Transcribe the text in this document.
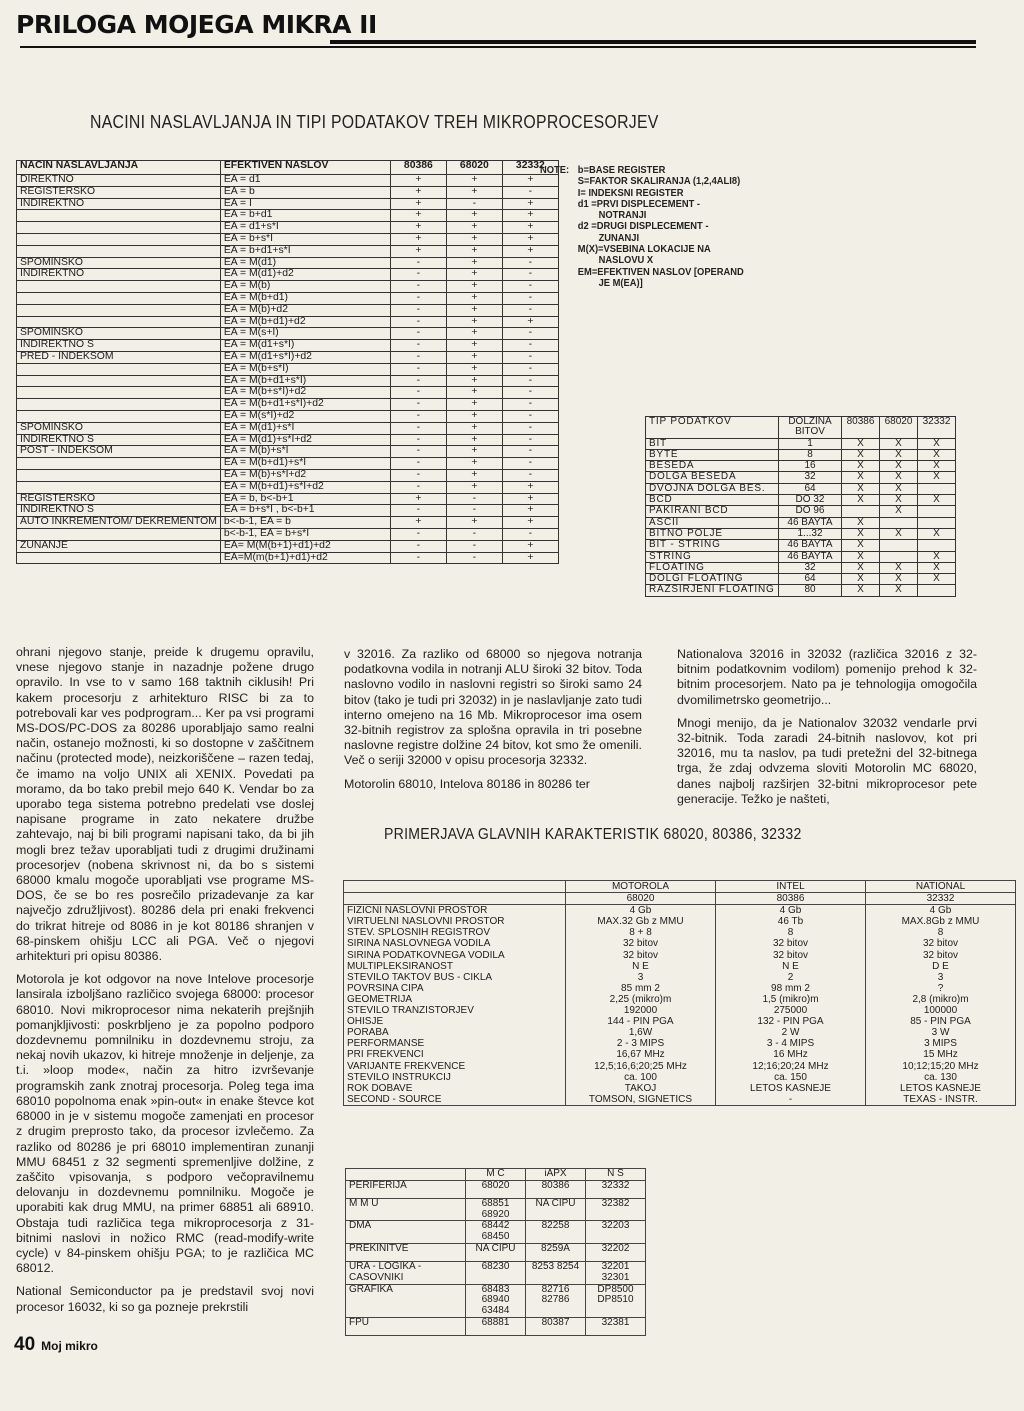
PRILOGA MOJEGA MIKRA II
NACINI NASLAVLJANJA IN TIPI PODATAKOV TREH MIKROPROCESORJEV
NACIN NASLAVLJANJA	EFEKTIVEN NASLOV	80386	68020	32332
DIREKTNO	EA = d1	+	+	+
REGISTERSKO	EA = b	+	+	-
INDIREKTNO	EA = I	+	-	+
	EA = b+d1	+	+	+
	EA = d1+s*I	+	+	+
	EA = b+s*I	+	+	+
	EA = b+d1+s*I	+	+	+
SPOMINSKO	EA = M(d1)	-	+	-
INDIREKTNO	EA = M(d1)+d2	-	+	-
	EA = M(b)	-	+	-
	EA = M(b+d1)	-	+	-
	EA = M(b)+d2	-	+	-
	EA = M(b+d1)+d2	-	+	+
SPOMINSKO	EA = M(s+I)	-	+	-
INDIREKTNO S	EA = M(d1+s*I)	-	+	-
PRED - INDEKSOM	EA = M(d1+s*I)+d2	-	+	-
	EA = M(b+s*I)	-	+	-
	EA = M(b+d1+s*I)	-	+	-
	EA = M(b+s*I)+d2	-	+	-
	EA = M(b+d1+s*I)+d2	-	+	-
	EA = M(s*I)+d2	-	+	-
SPOMINSKO	EA = M(d1)+s*I	-	+	-
INDIREKTNO S	EA = M(d1)+s*I+d2	-	+	-
POST - INDEKSOM	EA = M(b)+s*I	-	+	-
	EA = M(b+d1)+s*I	-	+	-
	EA = M(b)+s*I+d2	-	+	-
	EA = M(b+d1)+s*I+d2	-	+	+
REGISTERSKO	EA = b, b<-b+1	+	-	+
INDIREKTNO S	EA = b+s*I , b<-b+1	-	-	+
AUTO INKREMENTOM/ DEKREMENTOM	b<-b-1, EA = b	+	+	+
	b<-b-1, EA = b+s*I	-	-	-
ZUNANJE	EA= M(M(b+1)+d1)+d2	-	-	+
	EA=M(m(b+1)+d1)+d2	-	-	+
NOTE: b=BASE REGISTER
S=FAKTOR SKALIRANJA (1,2,4ALI8)
I= INDEKSNI REGISTER
d1 =PRVI DISPLECEMENT -
NOTRANJI
d2 =DRUGI DISPLECEMENT -
ZUNANJI
M(X)=VSEBINA LOKACIJE NA
NASLOVU X
EM=EFEKTIVEN NASLOV [OPERAND
JE M(EA)]
TIP PODATKOV	DOLZINA BITOV	80386	68020	32332
BIT	1	X	X	X
BYTE	8	X	X	X
BESEDA	16	X	X	X
DOLGA BESEDA	32	X	X	X
DVOJNA DOLGA BES.	64	X	X	
BCD	DO 32	X	X	X
PAKIRANI BCD	DO 96		X	
ASCII	46 BAYTA	X		
BITNO POLJE	1...32	X	X	X
BIT - STRING	46 BAYTA	X		
STRING	46 BAYTA	X		X
FLOATING	32	X	X	X
DOLGI FLOATING	64	X	X	X
RAZSIRJENI FLOATING	80	X	X	

ohrani njegovo stanje, preide k drugemu opravilu, vnese njegovo stanje in nazadnje požene drugo opravilo. In vse to v samo 168 taktnih ciklusih! Pri kakem procesorju z arhitekturo RISC bi za to potrebovali kar ves podprogram... Ker pa vsi programi MS-DOS/PC-DOS za 80286 uporabljajo samo realni način, ostanejo možnosti, ki so dostopne v zaščitnem načinu (protected mode), neizkoriščene – razen tedaj, če imamo na voljo UNIX ali XENIX. Povedati pa moramo, da bo tako prebil mejo 640 K. Vendar bo za uporabo tega sistema potrebno predelati vse doslej napisane programe in zato nekatere družbe zahtevajo, naj bi bili programi napisani tako, da bi jih mogli brez težav uporabljati tudi z drugimi družinami procesorjev (nobena skrivnost ni, da bo s sistemi 68000 kmalu mogoče uporabljati vse programe MS-DOS, če se bo res posrečilo prizadevanje za kar največjo združljivost). 80286 dela pri enaki frekvenci do trikrat hitreje od 8086 in je kot 80186 shranjen v 68-pinskem ohišju LCC ali PGA. Več o njegovi arhitekturi pri opisu 80386.

Motorola je kot odgovor na nove Intelove procesorje lansirala izboljšano različico svojega 68000: procesor 68010. Novi mikroprocesor nima nekaterih prejšnjih pomanjkljivosti: poskrbljeno je za popolno podporo dozdevnemu pomnilniku in dozdevnemu stroju, za nekaj novih ukazov, ki hitreje množenje in deljenje, za t.i. »loop mode«, način za hitro izvrševanje programskih zank znotraj procesorja. Poleg tega ima 68010 popolnoma enak »pin-out« in enake števce kot 68000 in je v sistemu mogoče zamenjati en procesor z drugim preprosto tako, da procesor izvlečemo. Za razliko od 80286 je pri 68010 implementiran zunanji MMU 68451 z 32 segmenti spremenljive dolžine, z zaščito vpisovanja, s podporo večopravilnemu delovanju in dozdevnemu pomnilniku. Mogoče je uporabiti kak drug MMU, na primer 68851 ali 68910. Obstaja tudi različica tega mikroprocesorja z 31-bitnimi naslovi in nožico RMC (read-modify-write cycle) v 84-pinskem ohišju PGA; to je različica MC 68012.

National Semiconductor pa je predstavil svoj novi procesor 16032, ki so ga pozneje prekrstili

v 32016. Za razliko od 68000 so njegova notranja podatkovna vodila in notranji ALU široki 32 bitov. Toda naslovno vodilo in naslovni registri so široki samo 24 bitov (tako je tudi pri 32032) in je naslavljanje zato tudi interno omejeno na 16 Mb. Mikroprocesor ima osem 32-bitnih registrov za splošna opravila in tri posebne naslovne registre dolžine 24 bitov, kot smo že omenili. Več o seriji 32000 v opisu procesorja 32332.

Motorolin 68010, Intelova 80186 in 80286 ter

Nationalova 32016 in 32032 (različica 32016 z 32-bitnim podatkovnim vodilom) pomenijo prehod k 32-bitnim procesorjem. Nato pa je tehnologija omogočila dvomilimetrsko geometrijo...

Mnogi menijo, da je Nationalov 32032 vendarle prvi 32-bitnik. Toda zaradi 24-bitnih naslovov, kot pri 32016, mu ta naslov, pa tudi pretežni del 32-bitnega trga, že zdaj odvzema sloviti Motorolin MC 68020, danes najbolj razširjen 32-bitni mikroprocesor pete generacije. Težko je našteti,

PRIMERJAVA GLAVNIH KARAKTERISTIK 68020, 80386, 32332
	MOTOROLA	INTEL	NATIONAL
	68020	80386	32332
FIZICNI NASLOVNI PROSTOR	4 Gb	4 Gb	4 Gb
VIRTUELNI NASLOVNI PROSTOR	MAX.32 Gb z MMU	46 Tb	MAX.8Gb z MMU
STEV. SPLOSNIH REGISTROV	8 + 8	8	8
SIRINA NASLOVNEGA VODILA	32 bitov	32 bitov	32 bitov
SIRINA PODATKOVNEGA VODILA	32 bitov	32 bitov	32 bitov
MULTIPLEKSIRANOST	N E	N E	D E
STEVILO TAKTOV BUS - CIKLA	3	2	3
POVRSINA CIPA	85 mm 2	98 mm 2	?
GEOMETRIJA	2,25 (mikro)m	1,5 (mikro)m	2,8 (mikro)m
STEVILO TRANZISTORJEV	192000	275000	100000
OHISJE	144 - PIN PGA	132 - PIN PGA	85 - PIN PGA
PORABA	1,6W	2 W	3 W
PERFORMANSE	2 - 3 MIPS	3 - 4 MIPS	3 MIPS
PRI FREKVENCI	16,67 MHz	16 MHz	15 MHz
VARIJANTE FREKVENCE	12,5;16,6;20;25 MHz	12;16;20;24 MHz	10;12;15;20 MHz
STEVILO INSTRUKCIJ	ca. 100	ca. 150	ca. 130
ROK DOBAVE	TAKOJ	LETOS KASNEJE	LETOS KASNEJE
SECOND - SOURCE	TOMSON, SIGNETICS	-	TEXAS - INSTR.
	M C	iAPX	N S
PERIFERIJA	68020	80386	32332
M M U	68851 68920	NA CIPU	32382
DMA	68442 68450	82258	32203
PREKINITVE	NA CIPU	8259A	32202
URA - LOGIKA - CASOVNIKI	68230	8253 8254	32201 32301
GRAFIKA	68483 68940 63484	82716 82786	DP8500 DP8510
FPU	68881	80387	32381
40 Moj mikro
